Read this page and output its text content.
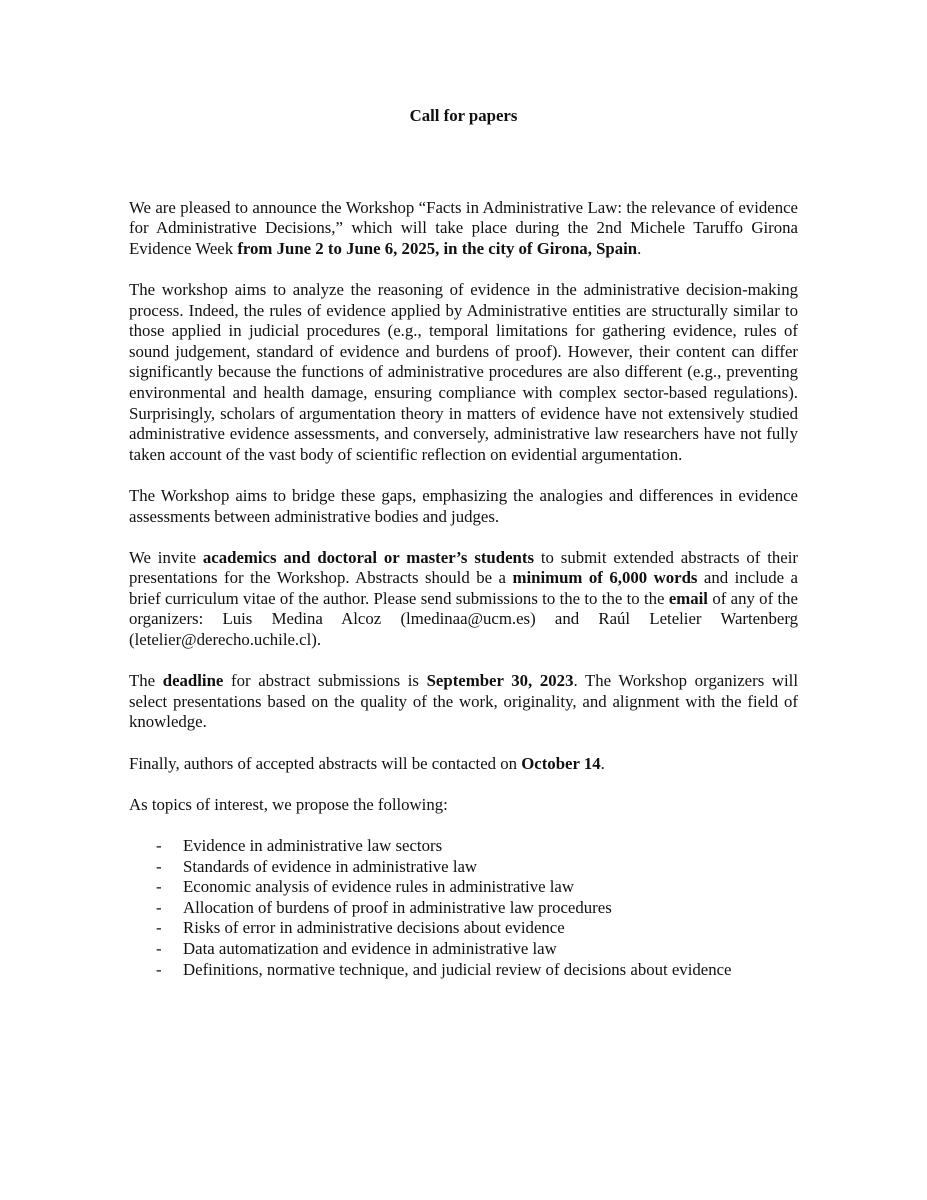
Call for papers

We are pleased to announce the Workshop “Facts in Administrative Law: the relevance of evidence for Administrative Decisions,” which will take place during the 2nd Michele Taruffo Girona Evidence Week from June 2 to June 6, 2025, in the city of Girona, Spain.

The workshop aims to analyze the reasoning of evidence in the administrative decision-making process. Indeed, the rules of evidence applied by Administrative entities are structurally similar to those applied in judicial procedures (e.g., temporal limitations for gathering evidence, rules of sound judgement, standard of evidence and burdens of proof). However, their content can differ significantly because the functions of administrative procedures are also different (e.g., preventing environmental and health damage, ensuring compliance with complex sector-based regulations). Surprisingly, scholars of argumentation theory in matters of evidence have not extensively studied administrative evidence assessments, and conversely, administrative law researchers have not fully taken account of the vast body of scientific reflection on evidential argumentation.

The Workshop aims to bridge these gaps, emphasizing the analogies and differences in evidence assessments between administrative bodies and judges.

We invite academics and doctoral or master’s students to submit extended abstracts of their presentations for the Workshop. Abstracts should be a minimum of 6,000 words and include a brief curriculum vitae of the author. Please send submissions to the to the to the email of any of the organizers: Luis Medina Alcoz (lmedinaa@ucm.es) and Raúl Letelier Wartenberg (letelier@derecho.uchile.cl).

The deadline for abstract submissions is September 30, 2023. The Workshop organizers will select presentations based on the quality of the work, originality, and alignment with the field of knowledge.

Finally, authors of accepted abstracts will be contacted on October 14.

As topics of interest, we propose the following:

- Evidence in administrative law sectors
- Standards of evidence in administrative law
- Economic analysis of evidence rules in administrative law
- Allocation of burdens of proof in administrative law procedures
- Risks of error in administrative decisions about evidence
- Data automatization and evidence in administrative law
- Definitions, normative technique, and judicial review of decisions about evidence
